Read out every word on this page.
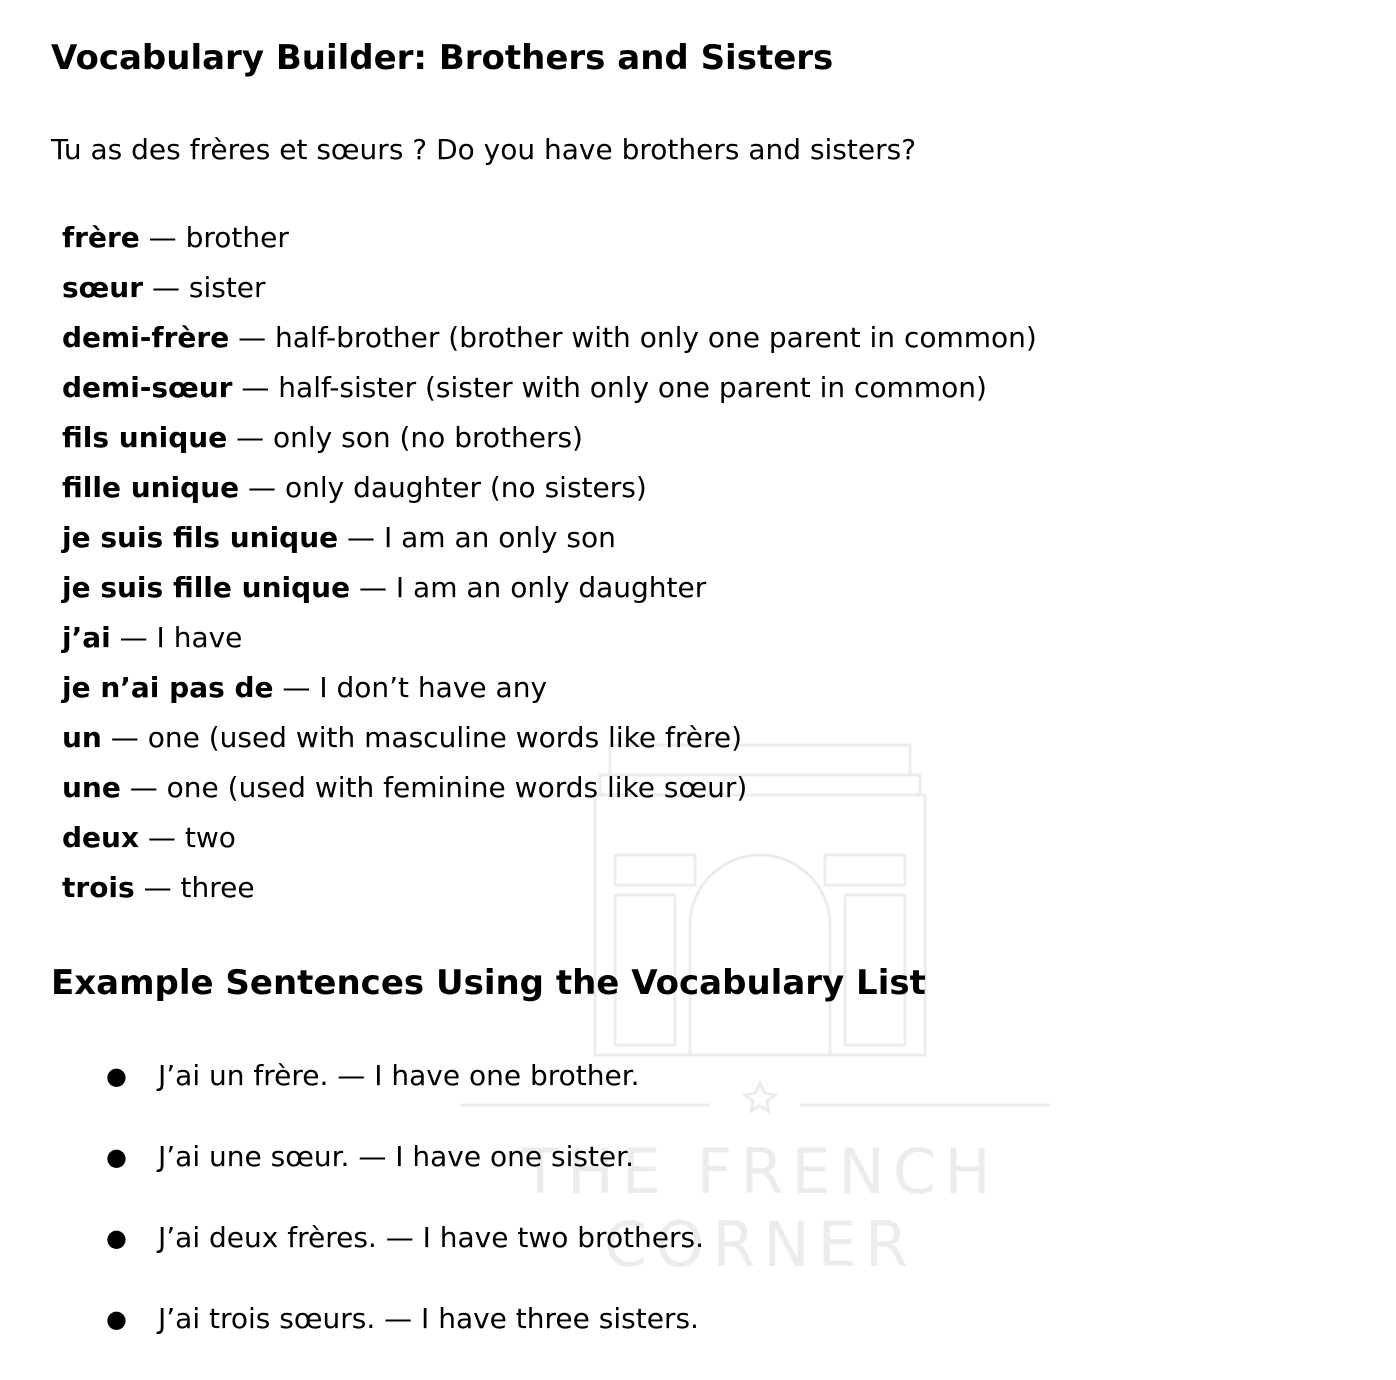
THE FRENCH CORNER
Vocabulary Builder: Brothers and Sisters
Tu as des frères et sœurs ? Do you have brothers and sisters?
frère — brother
sœur — sister
demi-frère — half-brother (brother with only one parent in common)
demi-sœur — half-sister (sister with only one parent in common)
fils unique — only son (no brothers)
fille unique — only daughter (no sisters)
je suis fils unique — I am an only son
je suis fille unique — I am an only daughter
j’ai — I have
je n’ai pas de — I don’t have any
un — one (used with masculine words like frère)
une — one (used with feminine words like sœur)
deux — two
trois — three
Example Sentences Using the Vocabulary List
● J’ai un frère. — I have one brother.
● J’ai une sœur. — I have one sister.
● J’ai deux frères. — I have two brothers.
● J’ai trois sœurs. — I have three sisters.
